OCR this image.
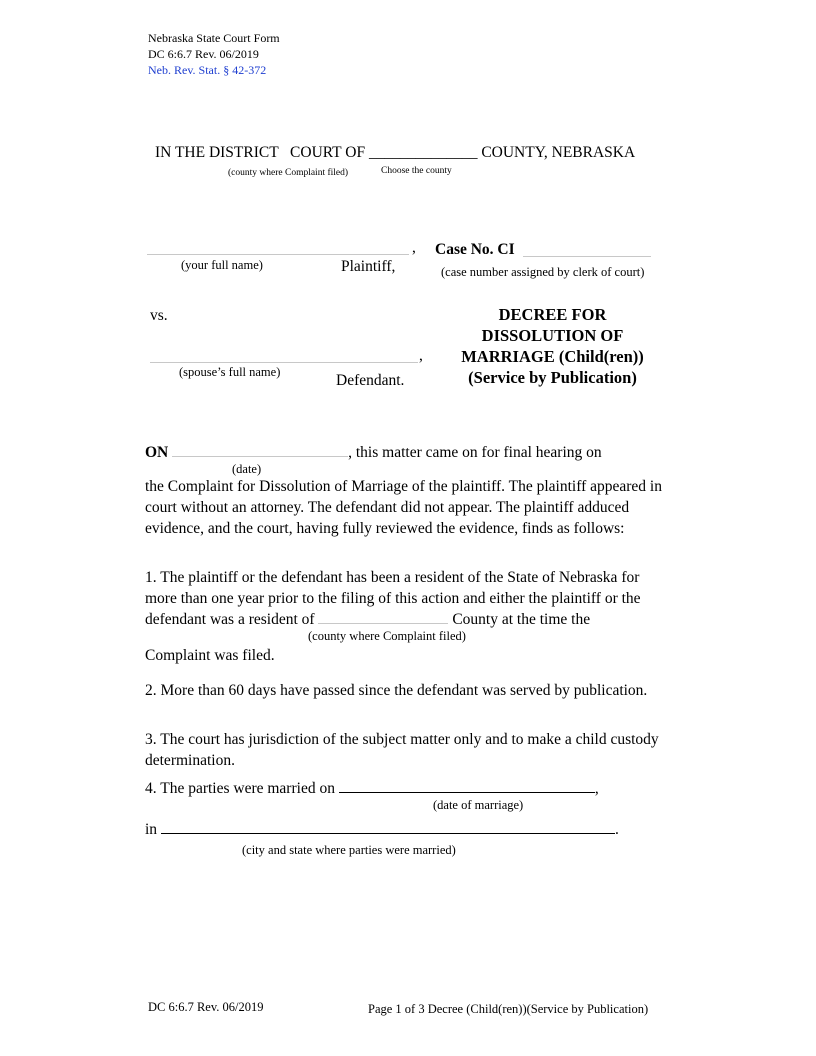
Nebraska State Court Form
DC 6:6.7 Rev. 06/2019
Neb. Rev. Stat. § 42-372
IN THE DISTRICT   COURT OF ______________ COUNTY, NEBRASKA
(county where Complaint filed)	Choose the county
,
(your full name)	Plaintiff,
Case No. CI
(case number assigned by clerk of court)
vs.
,
(spouse’s full name)	Defendant.
DECREE FOR
DISSOLUTION OF
MARRIAGE (Child(ren))
(Service by Publication)
ON	, this matter came on for final hearing on
(date)
the Complaint for Dissolution of Marriage of the plaintiff. The plaintiff appeared in court without an attorney. The defendant did not appear. The plaintiff adduced evidence, and the court, having fully reviewed the evidence, finds as follows:
1. The plaintiff or the defendant has been a resident of the State of Nebraska for more than one year prior to the filing of this action and either the plaintiff or the defendant was a resident of	County at the time the
(county where Complaint filed)
Complaint was filed.
2. More than 60 days have passed since the defendant was served by publication.
3. The court has jurisdiction of the subject matter only and to make a child custody determination.
4. The parties were married on	,
(date of marriage)
in	.
(city and state where parties were married)
DC 6:6.7 Rev. 06/2019	Page 1 of 3 Decree (Child(ren))(Service by Publication)
